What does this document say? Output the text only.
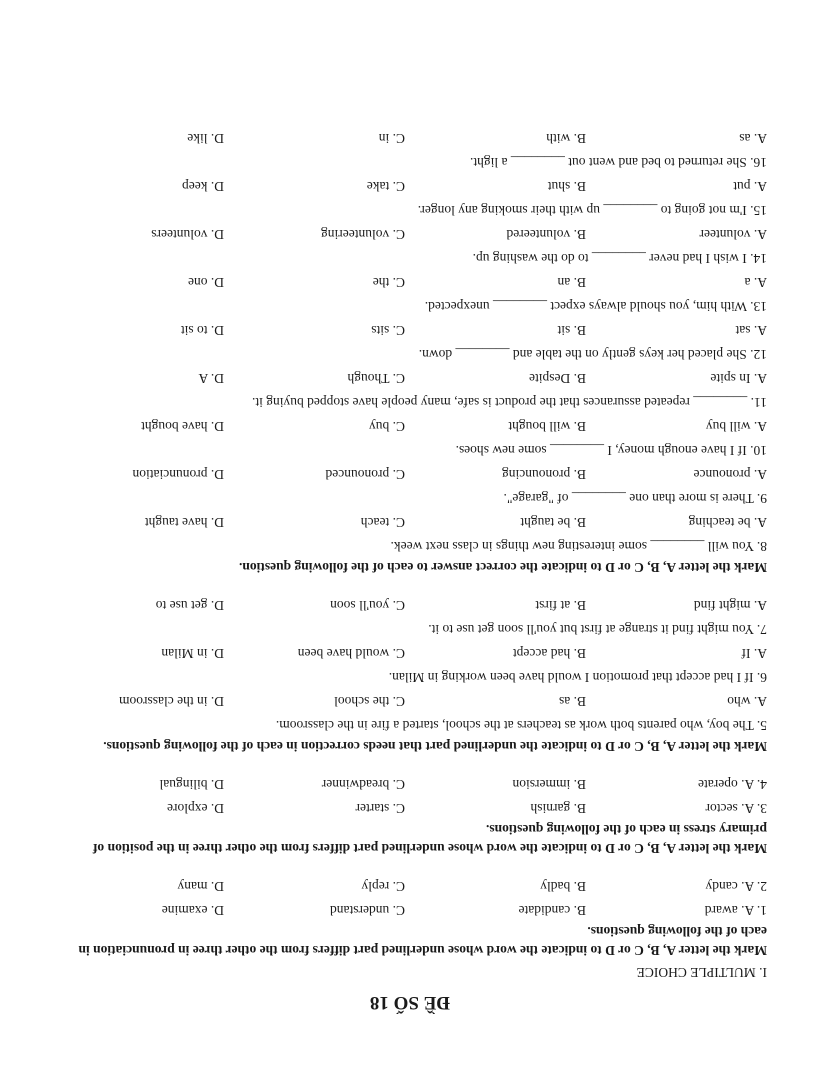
ĐỀ SỐ 18
I. MULTIPLE CHOICE
Mark the letter A, B, C or D to indicate the word whose underlined part differs from the other three in pronunciation in each of the following questions.
1. A. award
B. candidate
C. understand
D. examine
2. A. candy
B. badly
C. reply
D. many
Mark the letter A, B, C or D to indicate the word whose underlined part differs from the other three in the position of primary stress in each of the following questions.
3. A. sector
B. garnish
C. starter
D. explore
4. A. operate
B. immersion
C. breadwinner
D. bilingual
Mark the letter A, B, C or D to indicate the underlined part that needs correction in each of the following questions.
5. The boy, who parents both work as teachers at the school, started a fire in the classroom.
A. who
B. as
C. the school
D. in the classroom
6. If I had accept that promotion I would have been working in Milan.
A. If
B. had accept
C. would have been
D. in Milan
7. You might find it strange at first but you'll soon get use to it.
A. might find
B. at first
C. you'll soon
D. get use to
Mark the letter A, B, C or D to indicate the correct answer to each of the following question.
8. You will ________ some interesting new things in class next week.
A. be teaching
B. be taught
C. teach
D. have taught
9. There is more than one ________ of "garage".
A. pronounce
B. pronouncing
C. pronounced
D. pronunciation
10. If I have enough money, I ________ some new shoes.
A. will buy
B. will bought
C. buy
D. have bought
11. ________ repeated assurances that the product is safe, many people have stopped buying it.
A. In spite
B. Despite
C. Though
D. A
12. She placed her keys gently on the table and ________ down.
A. sat
B. sit
C. sits
D. to sit
13. With him, you should always expect ________ unexpected.
A. a
B. an
C. the
D. one
14. I wish I had never ________ to do the washing up.
A. volunteer
B. volunteered
C. volunteering
D. volunteers
15. I'm not going to ________ up with their smoking any longer.
A. put
B. shut
C. take
D. keep
16. She returned to bed and went out ________ a light.
A. as
B. with
C. in
D. like
